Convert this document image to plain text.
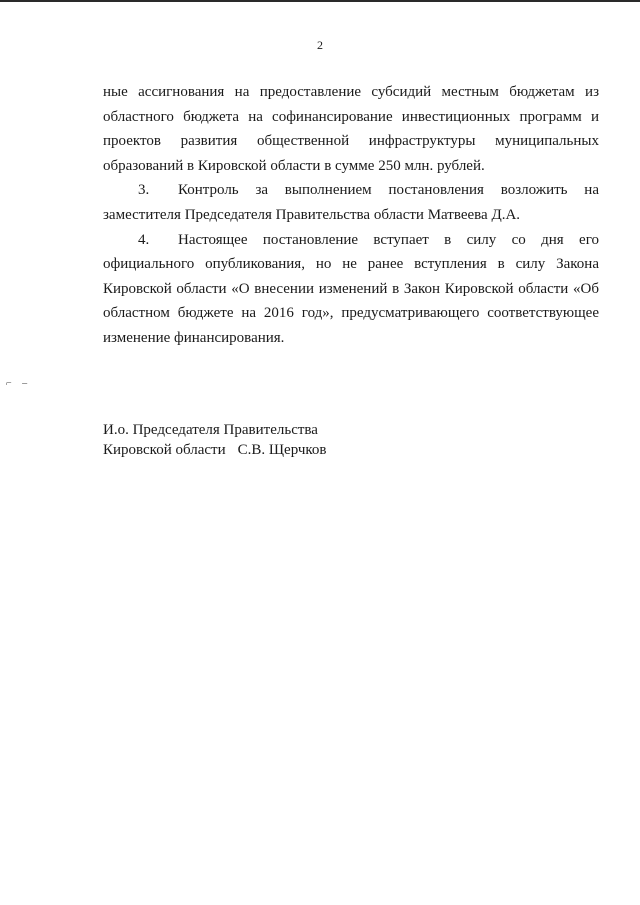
2
⌐ –

ные ассигнования на предоставление субсидий местным бюджетам из областного бюджета на софинансирование инвестиционных программ и проектов развития общественной инфраструктуры муниципальных образований в Кировской области в сумме 250 млн. рублей.

3. Контроль за выполнением постановления возложить на заместителя Председателя Правительства области Матвеева Д.А.

4. Настоящее постановление вступает в силу со дня его официального опубликования, но не ранее вступления в силу Закона Кировской области «О внесении изменений в Закон Кировской области «Об областном бюджете на 2016 год», предусматривающего соответствующее изменение финансирования.

И.о. Председателя Правительства
Кировской области С.В. Щерчков
